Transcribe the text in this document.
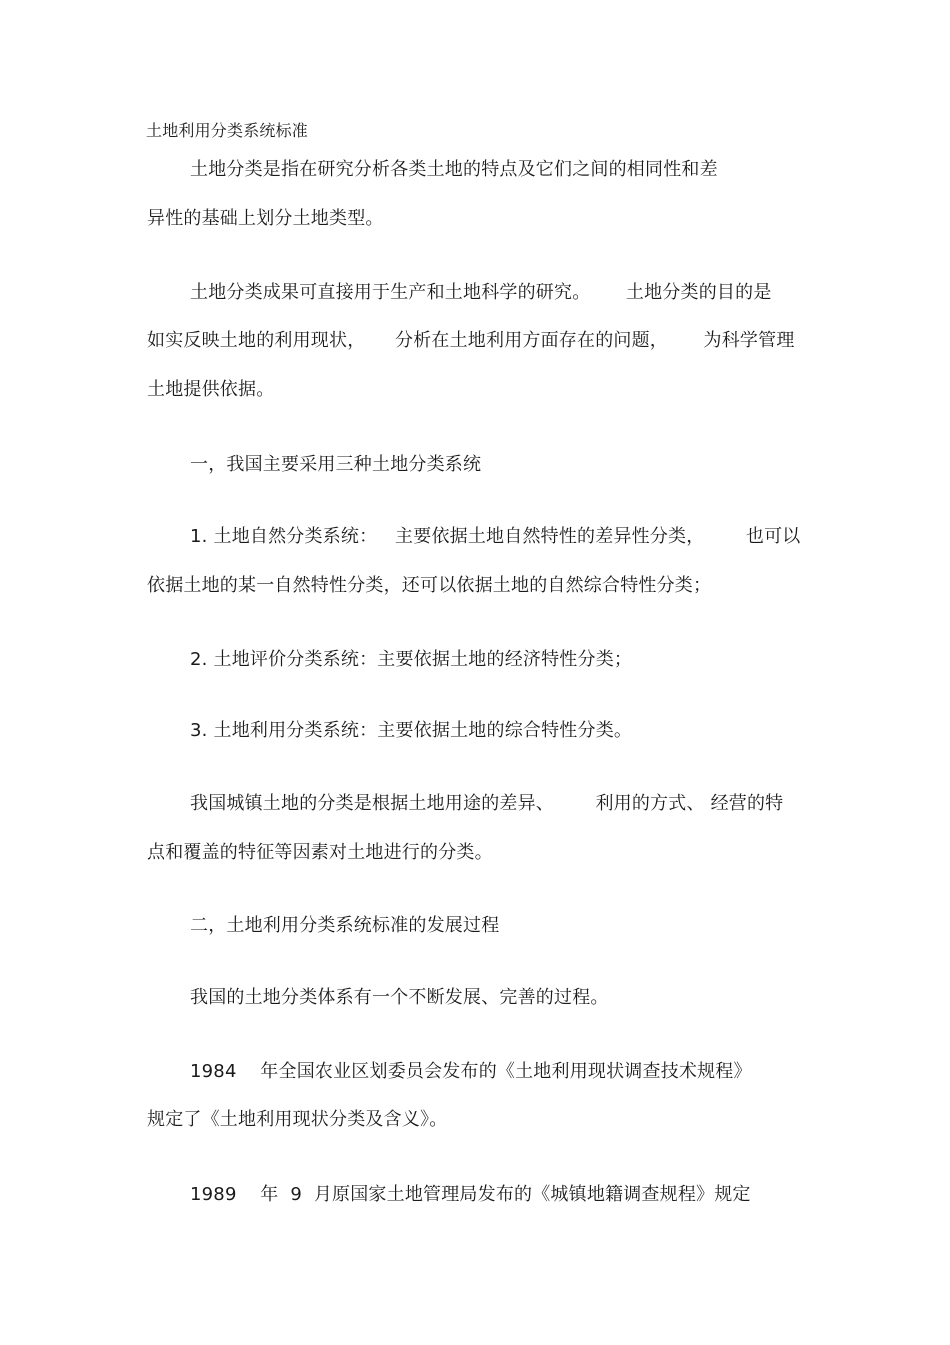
土地利用分类系统标准
土地分类是指在研究分析各类土地的特点及它们之间的相同性和差
异性的基础上划分土地类型。
土地分类成果可直接用于生产和土地科学的研究。      土地分类的目的是
如实反映土地的利用现状，     分析在土地利用方面存在的问题，      为科学管理
土地提供依据。
一，我国主要采用三种土地分类系统
1. 土地自然分类系统：   主要依据土地自然特性的差异性分类，       也可以
依据土地的某一自然特性分类，还可以依据土地的自然综合特性分类；
2. 土地评价分类系统：主要依据土地的经济特性分类；
3. 土地利用分类系统：主要依据土地的综合特性分类。
我国城镇土地的分类是根据土地用途的差异、       利用的方式、 经营的特
点和覆盖的特征等因素对土地进行的分类。
二，土地利用分类系统标准的发展过程
我国的土地分类体系有一个不断发展、完善的过程。
1984    年全国农业区划委员会发布的《土地利用现状调查技术规程》
规定了《土地利用现状分类及含义》。
1989    年  9  月原国家土地管理局发布的《城镇地籍调查规程》规定
